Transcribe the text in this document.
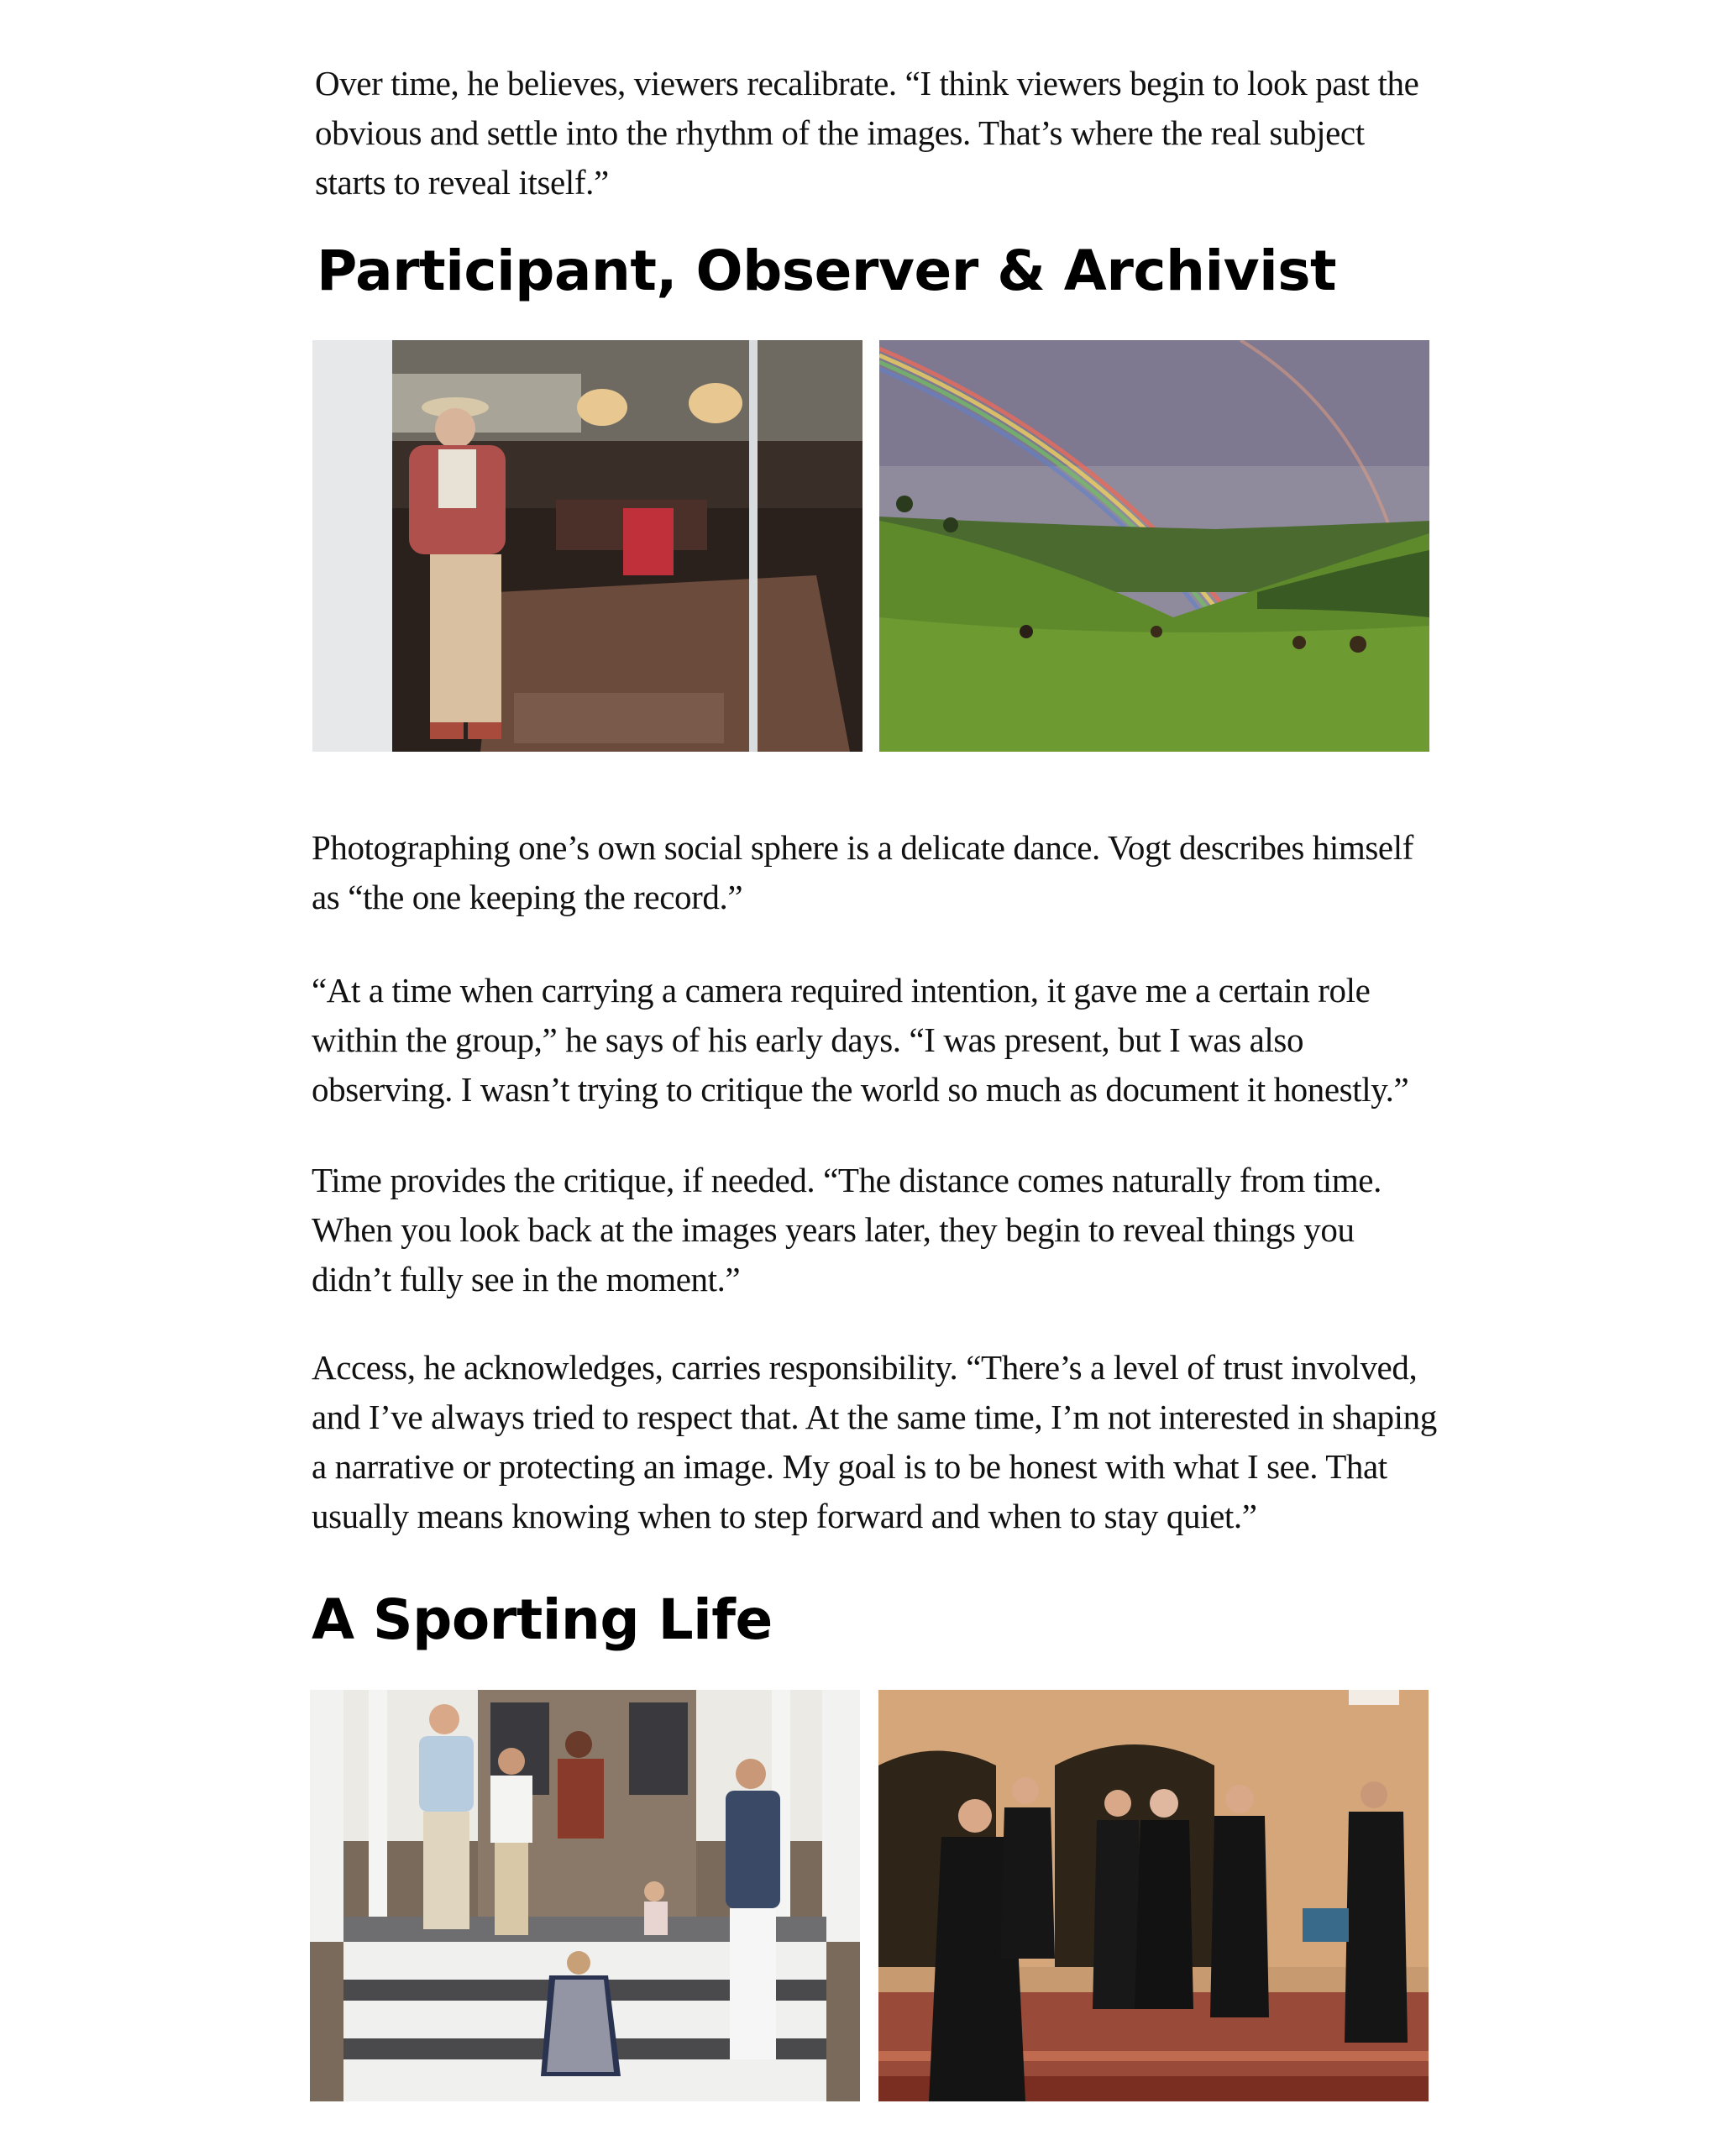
Over time, he believes, viewers recalibrate. “I think viewers begin to look past the obvious and settle into the rhythm of the images. That’s where the real subject starts to reveal itself.”

Participant, Observer & Archivist

Photographing one’s own social sphere is a delicate dance. Vogt describes himself as “the one keeping the record.”

“At a time when carrying a camera required intention, it gave me a certain role within the group,” he says of his early days. “I was present, but I was also observing. I wasn’t trying to critique the world so much as document it honestly.”

Time provides the critique, if needed. “The distance comes naturally from time. When you look back at the images years later, they begin to reveal things you didn’t fully see in the moment.”

Access, he acknowledges, carries responsibility. “There’s a level of trust involved, and I’ve always tried to respect that. At the same time, I’m not interested in shaping a narrative or protecting an image. My goal is to be honest with what I see. That usually means knowing when to step forward and when to stay quiet.”

A Sporting Life
